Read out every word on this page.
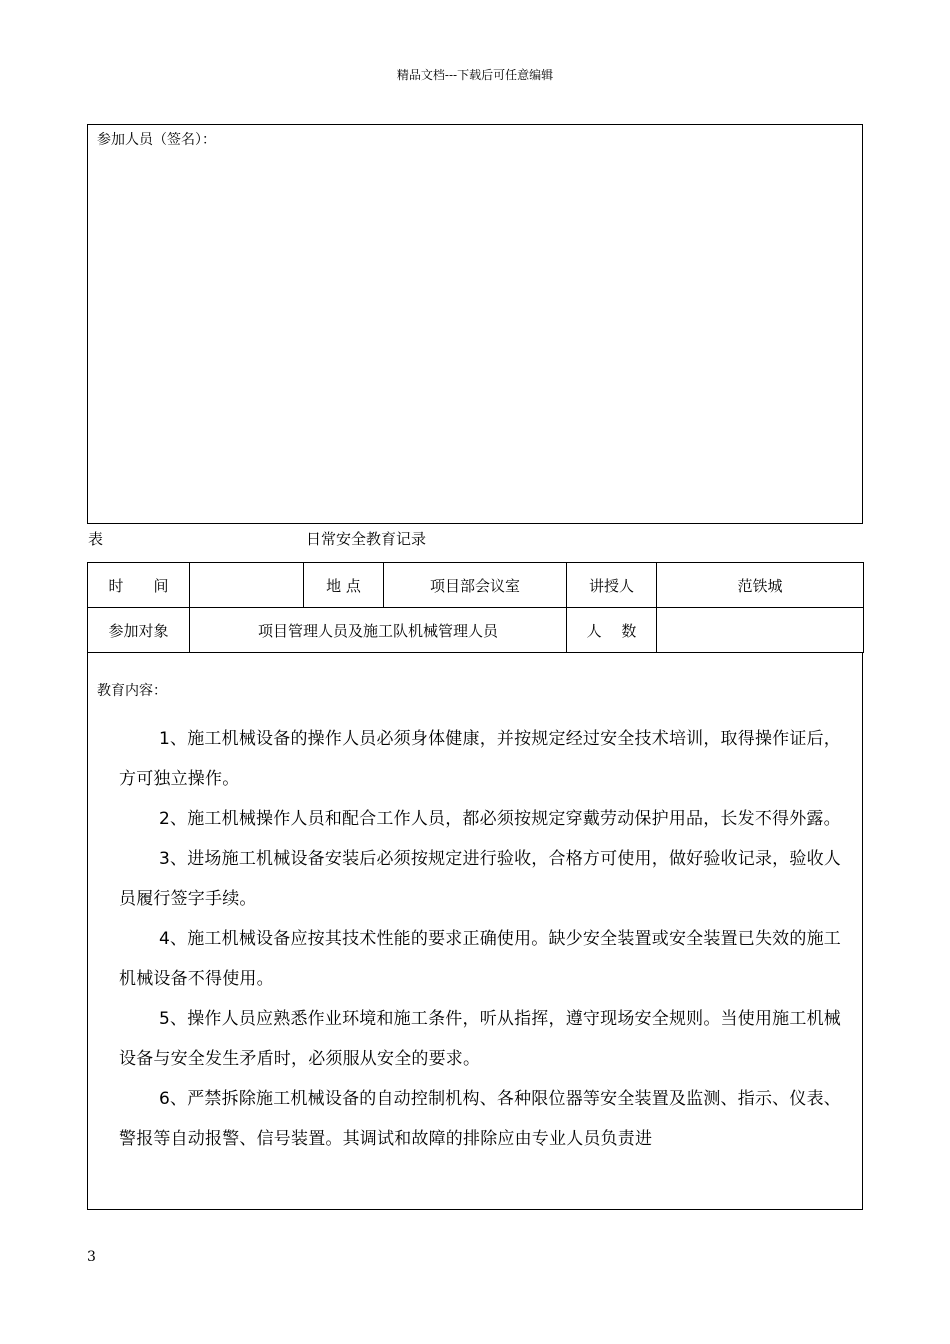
精品文档---下载后可任意编辑
参加人员（签名）：
表	日常安全教育记录
时　　间		地 点	项目部会议室	讲授人	范铁城
参加对象	项目管理人员及施工队机械管理人员			人　 数	
教育内容：

1、施工机械设备的操作人员必须身体健康，并按规定经过安全技术培训，取得操作证后，方可独立操作。

2、施工机械操作人员和配合工作人员，都必须按规定穿戴劳动保护用品，长发不得外露。

3、进场施工机械设备安装后必须按规定进行验收，合格方可使用，做好验收记录，验收人员履行签字手续。

4、施工机械设备应按其技术性能的要求正确使用。缺少安全装置或安全装置已失效的施工机械设备不得使用。

5、操作人员应熟悉作业环境和施工条件，听从指挥，遵守现场安全规则。当使用施工机械设备与安全发生矛盾时，必须服从安全的要求。

6、严禁拆除施工机械设备的自动控制机构、各种限位器等安全装置及监测、指示、仪表、警报等自动报警、信号装置。其调试和故障的排除应由专业人员负责进

3
